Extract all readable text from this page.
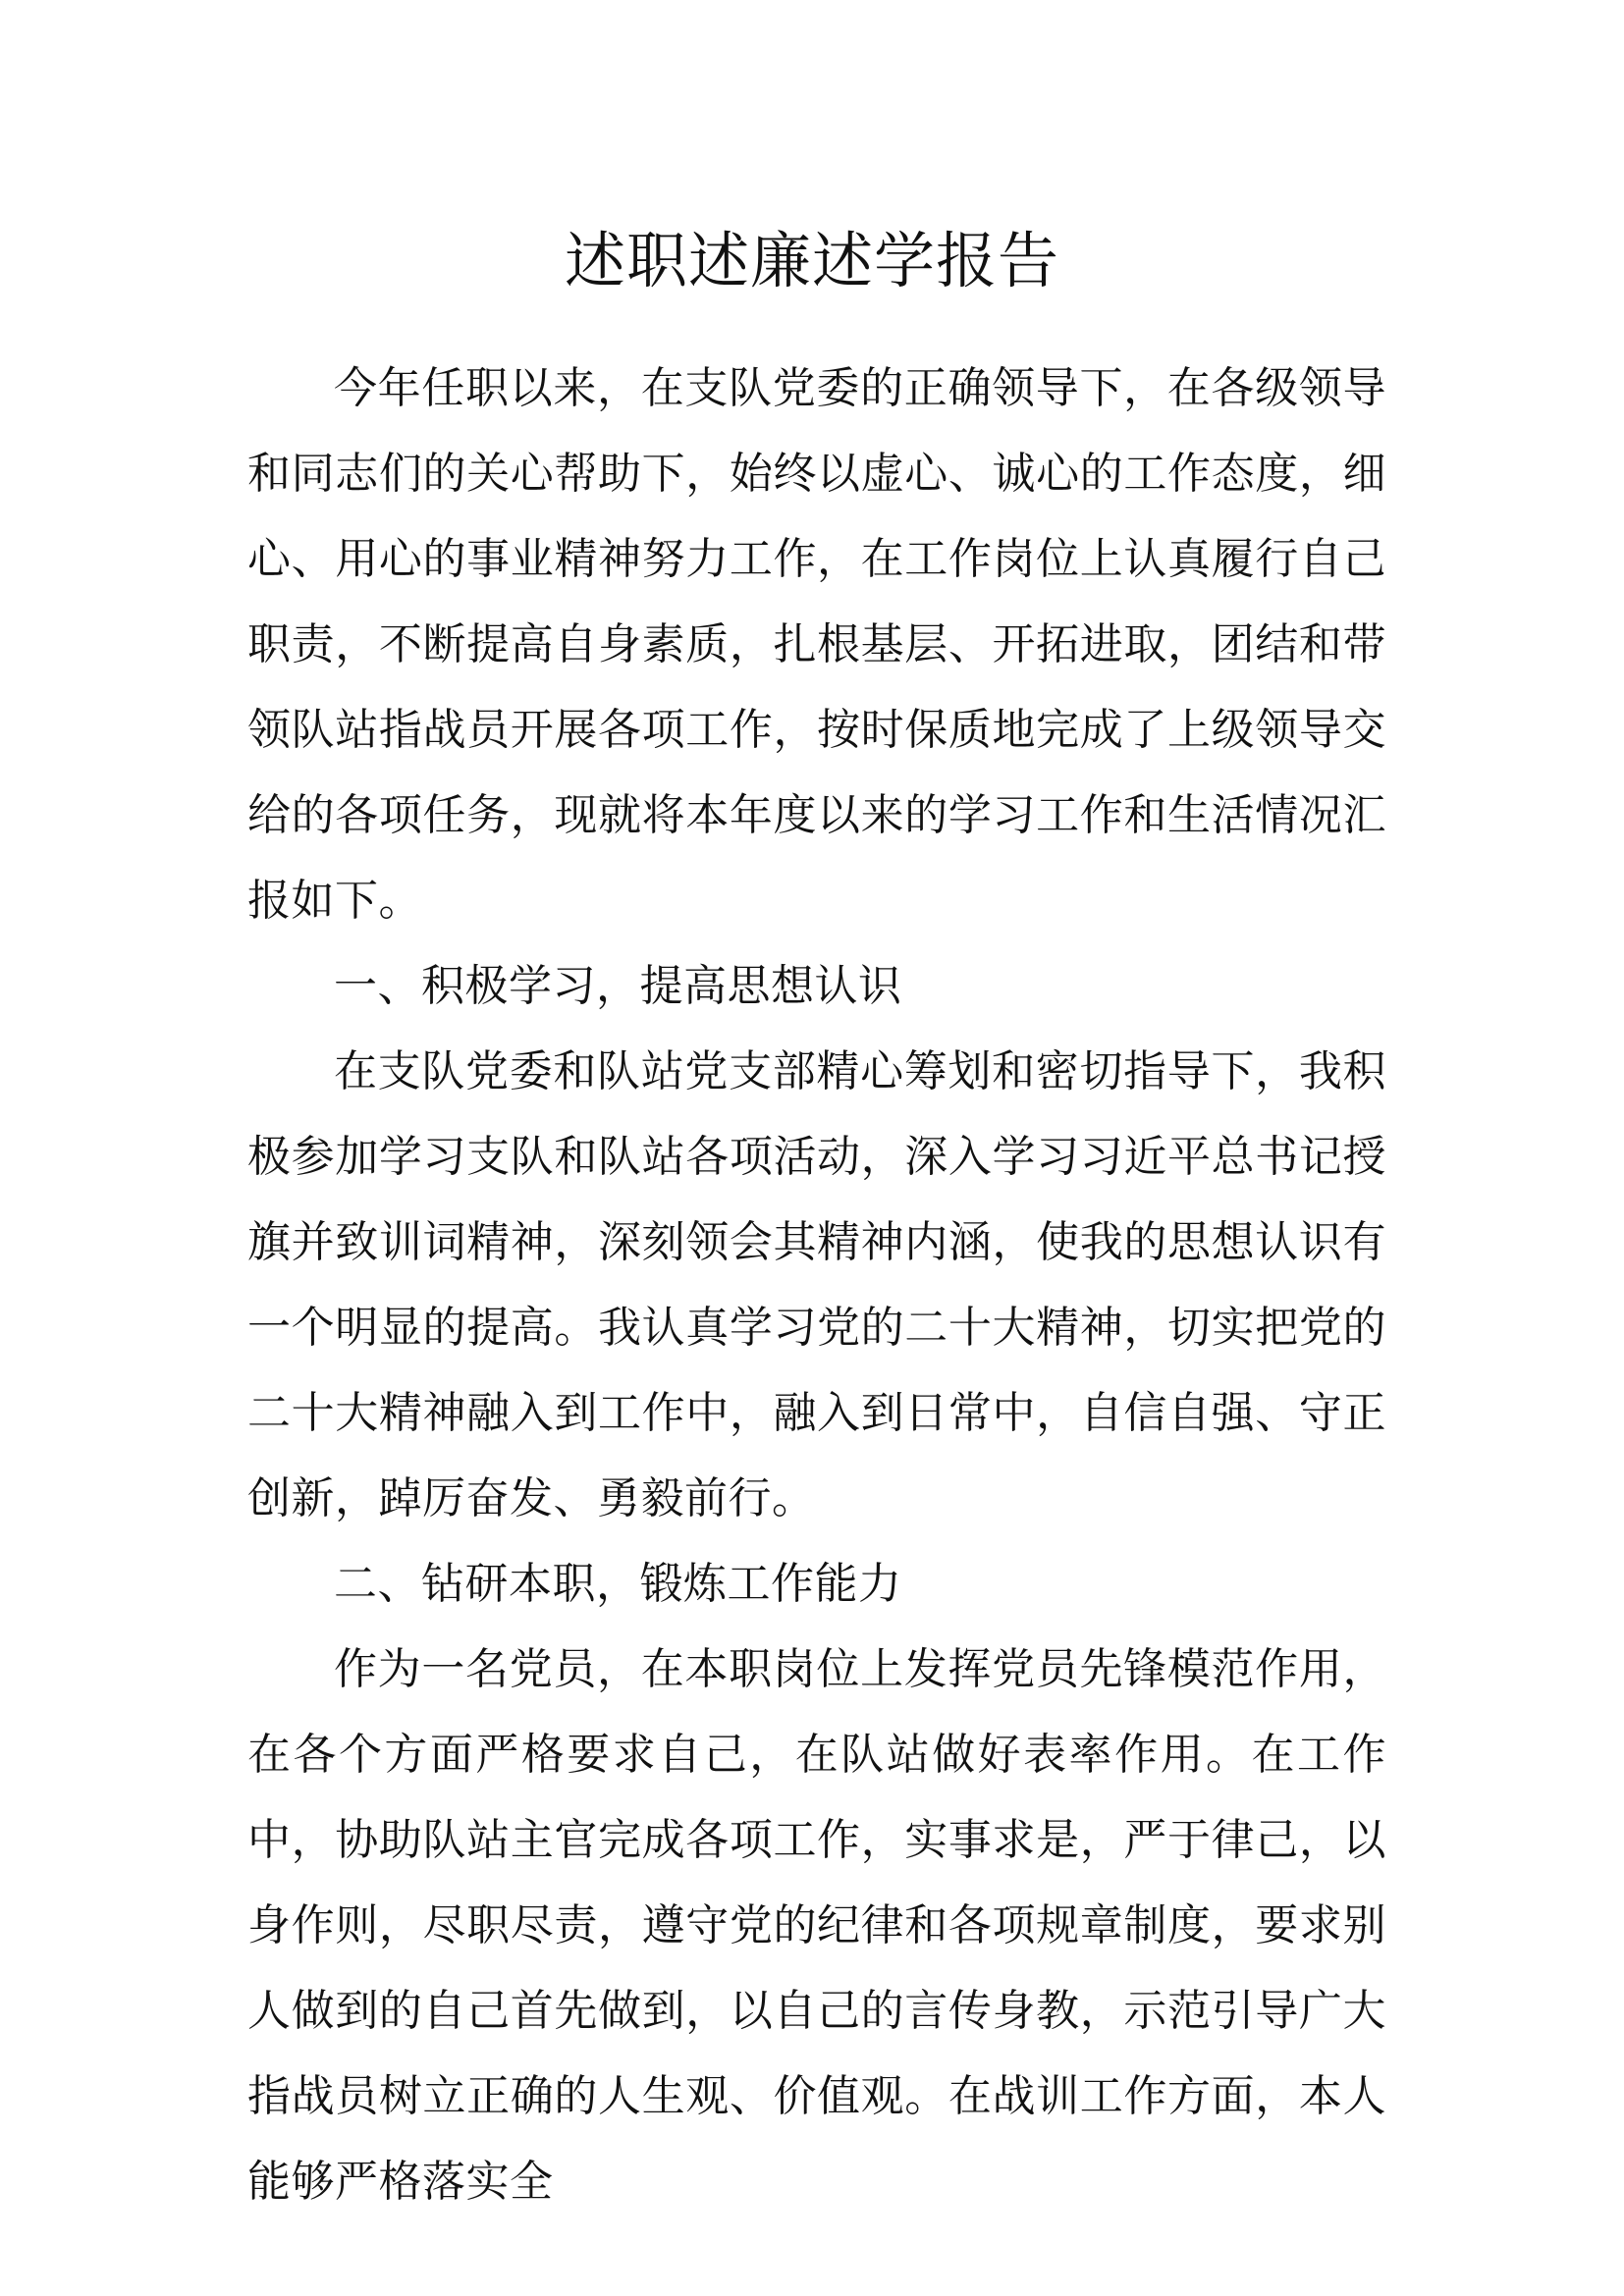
述职述廉述学报告

今年任职以来，在支队党委的正确领导下，在各级领导和同志们的关心帮助下，始终以虚心、诚心的工作态度，细心、用心的事业精神努力工作，在工作岗位上认真履行自己职责，不断提高自身素质，扎根基层、开拓进取，团结和带领队站指战员开展各项工作，按时保质地完成了上级领导交给的各项任务，现就将本年度以来的学习工作和生活情况汇报如下。

一、积极学习，提高思想认识

在支队党委和队站党支部精心筹划和密切指导下，我积极参加学习支队和队站各项活动，深入学习习近平总书记授旗并致训词精神，深刻领会其精神内涵，使我的思想认识有一个明显的提高。我认真学习党的二十大精神，切实把党的二十大精神融入到工作中，融入到日常中，自信自强、守正创新，踔厉奋发、勇毅前行。

二、钻研本职，锻炼工作能力

作为一名党员，在本职岗位上发挥党员先锋模范作用，在各个方面严格要求自己，在队站做好表率作用。在工作中，协助队站主官完成各项工作，实事求是，严于律己，以身作则，尽职尽责，遵守党的纪律和各项规章制度，要求别人做到的自己首先做到，以自己的言传身教，示范引导广大指战员树立正确的人生观、价值观。在战训工作方面，本人能够严格落实全
